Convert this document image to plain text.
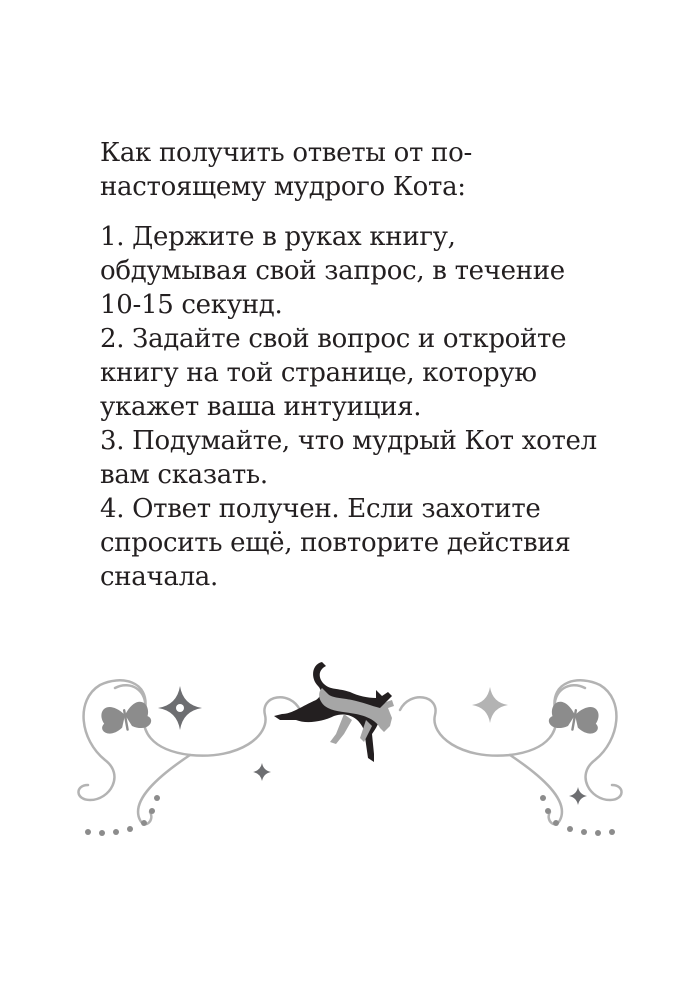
Как получить ответы от по-настоящему мудрого Кота:

1. Держите в руках книгу, обдумывая свой запрос, в течение 10-15 секунд.
2. Задайте свой вопрос и откройте книгу на той странице, которую укажет ваша интуиция.
3. Подумайте, что мудрый Кот хотел вам сказать.
4. Ответ получен. Если захотите спросить ещё, повторите действия сначала.
